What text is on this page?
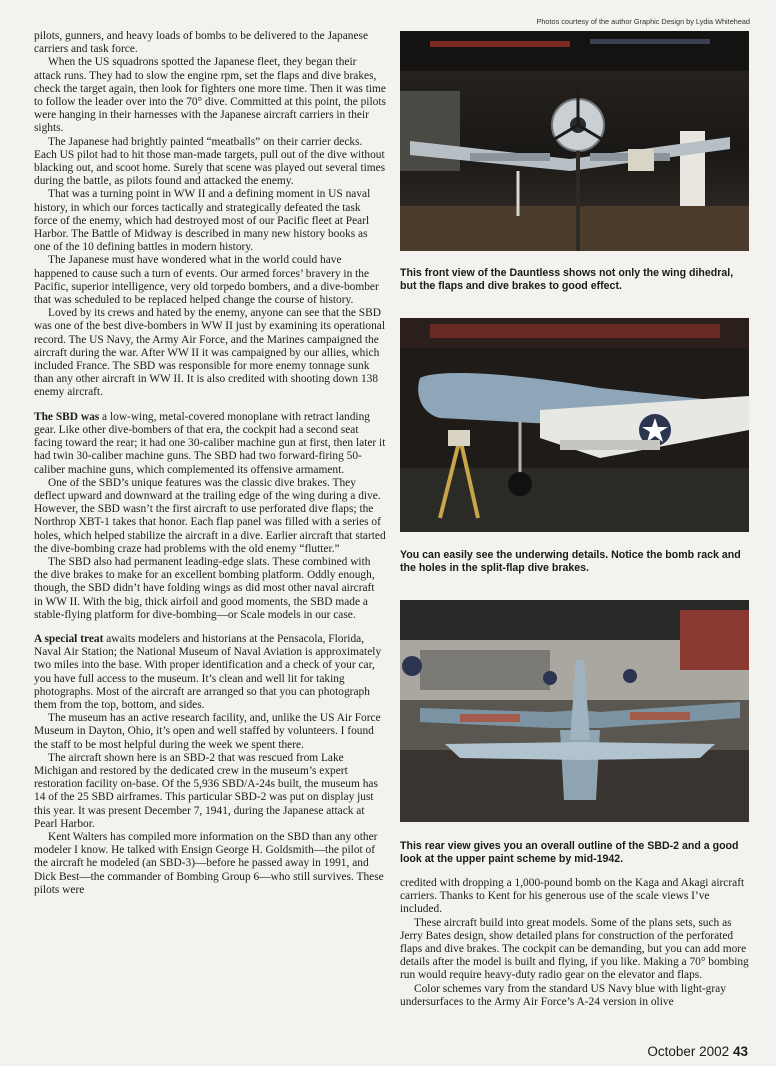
Photos courtesy of the author Graphic Design by Lydia Whitehead

pilots, gunners, and heavy loads of bombs to be delivered to the Japanese carriers and task force.

When the US squadrons spotted the Japanese fleet, they began their attack runs. They had to slow the engine rpm, set the flaps and dive brakes, check the target again, then look for fighters one more time. Then it was time to follow the leader over into the 70° dive. Committed at this point, the pilots were hanging in their harnesses with the Japanese aircraft carriers in their sights.

The Japanese had brightly painted “meatballs” on their carrier decks. Each US pilot had to hit those man-made targets, pull out of the dive without blacking out, and scoot home. Surely that scene was played out several times during the battle, as pilots found and attacked the enemy.

That was a turning point in WW II and a defining moment in US naval history, in which our forces tactically and strategically defeated the task force of the enemy, which had destroyed most of our Pacific fleet at Pearl Harbor. The Battle of Midway is described in many new history books as one of the 10 defining battles in modern history.

The Japanese must have wondered what in the world could have happened to cause such a turn of events. Our armed forces’ bravery in the Pacific, superior intelligence, very old torpedo bombers, and a dive-bomber that was scheduled to be replaced helped change the course of history.

Loved by its crews and hated by the enemy, anyone can see that the SBD was one of the best dive-bombers in WW II just by examining its operational record. The US Navy, the Army Air Force, and the Marines campaigned the aircraft during the war. After WW II it was campaigned by our allies, which included France. The SBD was responsible for more enemy tonnage sunk than any other aircraft in WW II. It is also credited with shooting down 138 enemy aircraft.

The SBD was a low-wing, metal-covered monoplane with retract landing gear. Like other dive-bombers of that era, the cockpit had a second seat facing toward the rear; it had one 30-caliber machine gun at first, then later it had twin 30-caliber machine guns. The SBD had two forward-firing 50-caliber machine guns, which complemented its offensive armament.

One of the SBD’s unique features was the classic dive brakes. They deflect upward and downward at the trailing edge of the wing during a dive. However, the SBD wasn’t the first aircraft to use perforated dive flaps; the Northrop XBT-1 takes that honor. Each flap panel was filled with a series of holes, which helped stabilize the aircraft in a dive. Earlier aircraft that started the dive-bombing craze had problems with the old enemy “flutter.”

The SBD also had permanent leading-edge slats. These combined with the dive brakes to make for an excellent bombing platform. Oddly enough, though, the SBD didn’t have folding wings as did most other naval aircraft in WW II. With the big, thick airfoil and good moments, the SBD made a stable-flying platform for dive-bombing—or Scale models in our case.

A special treat awaits modelers and historians at the Pensacola, Florida, Naval Air Station; the National Museum of Naval Aviation is approximately two miles into the base. With proper identification and a check of your car, you have full access to the museum. It’s clean and well lit for taking photographs. Most of the aircraft are arranged so that you can photograph them from the top, bottom, and sides.

The museum has an active research facility, and, unlike the US Air Force Museum in Dayton, Ohio, it’s open and well staffed by volunteers. I found the staff to be most helpful during the week we spent there.

The aircraft shown here is an SBD-2 that was rescued from Lake Michigan and restored by the dedicated crew in the museum’s expert restoration facility on-base. Of the 5,936 SBD/A-24s built, the museum has 14 of the 25 SBD airframes. This particular SBD-2 was put on display just this year. It was present December 7, 1941, during the Japanese attack at Pearl Harbor.

Kent Walters has compiled more information on the SBD than any other modeler I know. He talked with Ensign George H. Goldsmith—the pilot of the aircraft he modeled (an SBD-3)—before he passed away in 1991, and Dick Best—the commander of Bombing Group 6—who still survives. These pilots were

This front view of the Dauntless shows not only the wing dihedral, but the flaps and dive brakes to good effect.
You can easily see the underwing details. Notice the bomb rack and the holes in the split-flap dive brakes.
This rear view gives you an overall outline of the SBD-2 and a good look at the upper paint scheme by mid-1942.

credited with dropping a 1,000-pound bomb on the Kaga and Akagi aircraft carriers. Thanks to Kent for his generous use of the scale views I’ve included.

These aircraft build into great models. Some of the plans sets, such as Jerry Bates design, show detailed plans for construction of the perforated flaps and dive brakes. The cockpit can be demanding, but you can add more details after the model is built and flying, if you like. Making a 70° bombing run would require heavy-duty radio gear on the elevator and flaps.

Color schemes vary from the standard US Navy blue with light-gray undersurfaces to the Army Air Force’s A-24 version in olive

October 2002 43
